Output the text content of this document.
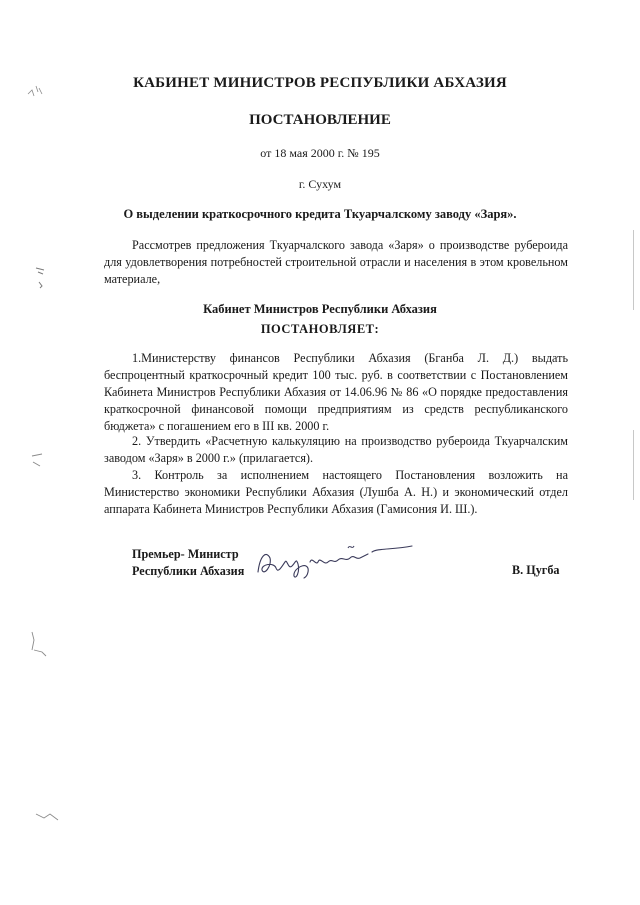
КАБИНЕТ МИНИСТРОВ РЕСПУБЛИКИ АБХАЗИЯ
ПОСТАНОВЛЕНИЕ
от 18 мая 2000 г. № 195
г. Сухум
О выделении краткосрочного кредита Ткуарчалскому заводу «Заря».

Рассмотрев предложения Ткуарчалского завода «Заря» о производстве рубероида для удовлетворения потребностей строительной отрасли и населения в этом кровельном материале,

Кабинет Министров Республики Абхазия
ПОСТАНОВЛЯЕТ:

1.Министерству финансов Республики Абхазия (Бганба Л. Д.) выдать беспроцентный краткосрочный кредит 100 тыс. руб. в соответствии с Постановлением Кабинета Министров Республики Абхазия от 14.06.96 № 86 «О порядке предоставления краткосрочной финансовой помощи предприятиям из средств республиканского бюджета» с погашением его в III кв. 2000 г.

2. Утвердить «Расчетную калькуляцию на производство рубероида Ткуарчалским заводом «Заря» в 2000 г.» (прилагается).

3. Контроль за исполнением настоящего Постановления возложить на Министерство экономики Республики Абхазия (Лушба А. Н.) и экономический отдел аппарата Кабинета Министров Республики Абхазия (Гамисония И. Ш.).

Премьер- Министр
Республики Абхазия	В. Цугба
